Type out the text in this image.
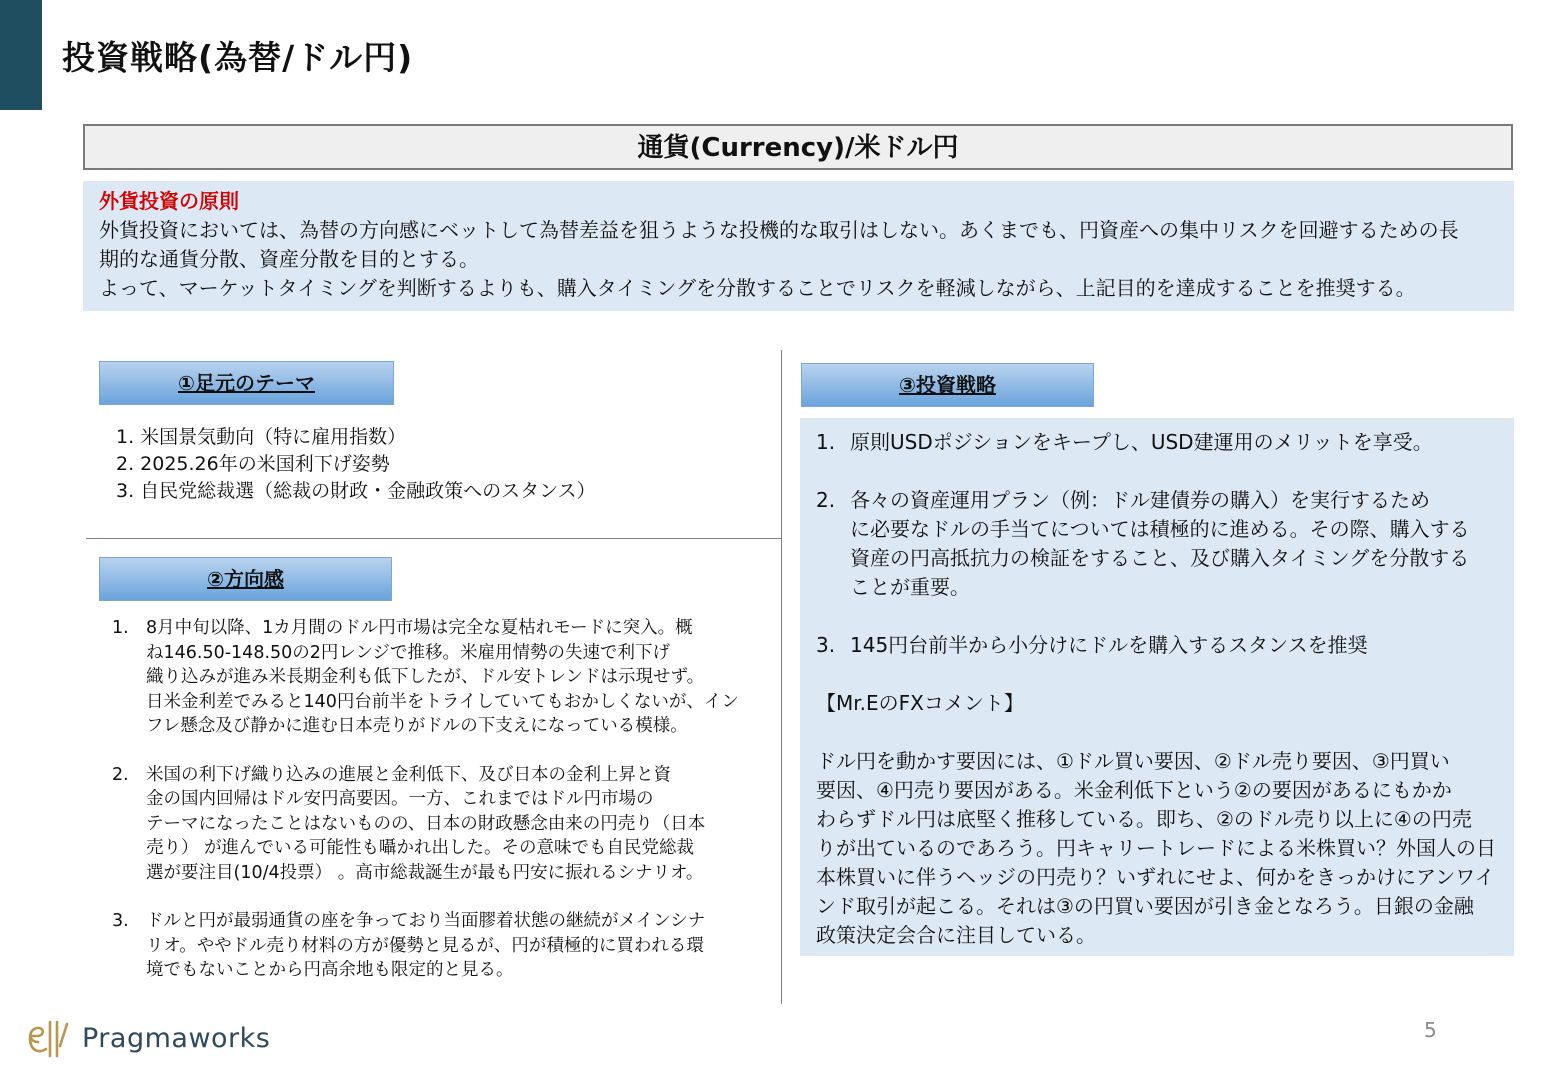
投資戦略(為替/ドル円)
通貨(Currency)/米ドル円
外貨投資の原則
外貨投資においては、為替の方向感にベットして為替差益を狙うような投機的な取引はしない。あくまでも、円資産への集中リスクを回避するための長
期的な通貨分散、資産分散を目的とする。
よって、マーケットタイミングを判断するよりも、購入タイミングを分散することでリスクを軽減しながら、上記目的を達成することを推奨する。
①足元のテーマ
1. 米国景気動向（特に雇用指数）
2. 2025.26年の米国利下げ姿勢
3. 自民党総裁選（総裁の財政・金融政策へのスタンス）
②方向感
1. 8月中旬以降、1カ月間のドル円市場は完全な夏枯れモードに突入。概
ね146.50-148.50の2円レンジで推移。米雇用情勢の失速で利下げ
織り込みが進み米長期金利も低下したが、ドル安トレンドは示現せず。
日米金利差でみると140円台前半をトライしていてもおかしくないが、イン
フレ懸念及び静かに進む日本売りがドルの下支えになっている模様。
2. 米国の利下げ織り込みの進展と金利低下、及び日本の金利上昇と資
金の国内回帰はドル安円高要因。一方、これまではドル円市場の
テーマになったことはないものの、日本の財政懸念由来の円売り（日本
売り） が進んでいる可能性も囁かれ出した。その意味でも自民党総裁
選が要注目(10/4投票） 。高市総裁誕生が最も円安に振れるシナリオ。
3. ドルと円が最弱通貨の座を争っており当面膠着状態の継続がメインシナ
リオ。ややドル売り材料の方が優勢と見るが、円が積極的に買われる環
境でもないことから円高余地も限定的と見る。
③投資戦略
1. 原則USDポジションをキープし、USD建運用のメリットを享受。
2. 各々の資産運用プラン（例：ドル建債券の購入）を実行するため
に必要なドルの手当てについては積極的に進める。その際、購入する
資産の円高抵抗力の検証をすること、及び購入タイミングを分散する
ことが重要。
3. 145円台前半から小分けにドルを購入するスタンスを推奨
【Mr.EのFXコメント】
ドル円を動かす要因には、①ドル買い要因、②ドル売り要因、③円買い
要因、④円売り要因がある。米金利低下という②の要因があるにもかか
わらずドル円は底堅く推移している。即ち、②のドル売り以上に④の円売
りが出ているのであろう。円キャリートレードによる米株買い？外国人の日
本株買いに伴うヘッジの円売り？いずれにせよ、何かをきっかけにアンワイ
ンド取引が起こる。それは③の円買い要因が引き金となろう。日銀の金融
政策決定会合に注目している。
Pragmaworks	5
